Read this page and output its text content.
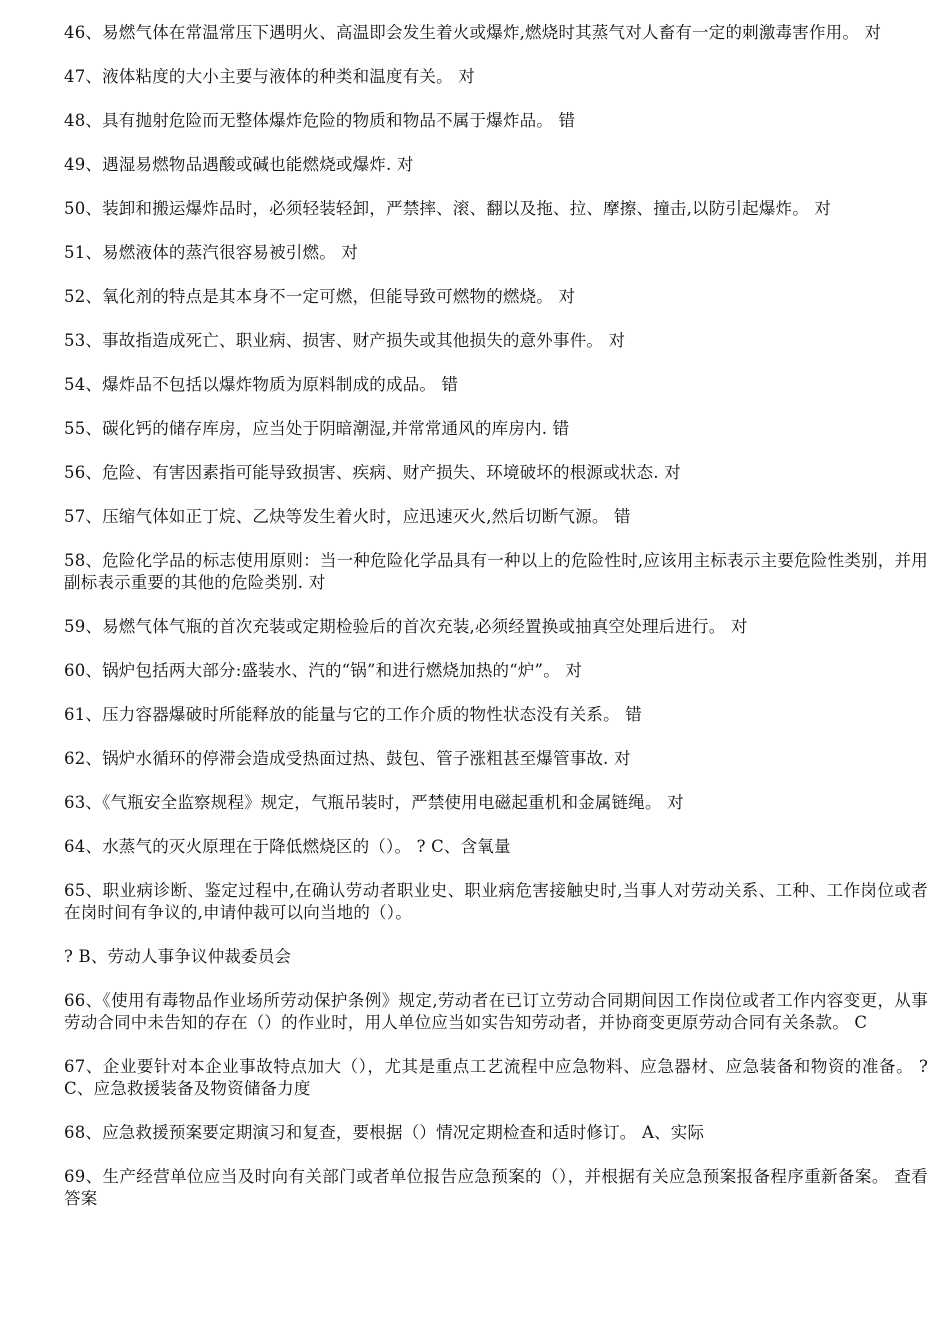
46、易燃气体在常温常压下遇明火、高温即会发生着火或爆炸,燃烧时其蒸气对人畜有一定的刺激毒害作用。 对

47、液体粘度的大小主要与液体的种类和温度有关。 对

48、具有抛射危险而无整体爆炸危险的物质和物品不属于爆炸品。 错

49、遇湿易燃物品遇酸或碱也能燃烧或爆炸. 对

50、装卸和搬运爆炸品时，必须轻装轻卸，严禁摔、滚、翻以及拖、拉、摩擦、撞击,以防引起爆炸。 对

51、易燃液体的蒸汽很容易被引燃。 对

52、氧化剂的特点是其本身不一定可燃，但能导致可燃物的燃烧。 对

53、事故指造成死亡、职业病、损害、财产损失或其他损失的意外事件。 对

54、爆炸品不包括以爆炸物质为原料制成的成品。 错

55、碳化钙的储存库房，应当处于阴暗潮湿,并常常通风的库房内. 错

56、危险、有害因素指可能导致损害、疾病、财产损失、环境破坏的根源或状态. 对

57、压缩气体如正丁烷、乙炔等发生着火时，应迅速灭火,然后切断气源。 错

58、危险化学品的标志使用原则：当一种危险化学品具有一种以上的危险性时,应该用主标表示主要危险性类别，并用副标表示重要的其他的危险类别. 对

59、易燃气体气瓶的首次充装或定期检验后的首次充装,必须经置换或抽真空处理后进行。 对

60、锅炉包括两大部分:盛装水、汽的“锅”和进行燃烧加热的“炉”。 对

61、压力容器爆破时所能释放的能量与它的工作介质的物性状态没有关系。 错

62、锅炉水循环的停滞会造成受热面过热、鼓包、管子涨粗甚至爆管事故. 对

63、《气瓶安全监察规程》规定，气瓶吊装时，严禁使用电磁起重机和金属链绳。 对

64、水蒸气的灭火原理在于降低燃烧区的（）。 ? C、含氧量

65、职业病诊断、鉴定过程中,在确认劳动者职业史、职业病危害接触史时,当事人对劳动关系、工种、工作岗位或者在岗时间有争议的,申请仲裁可以向当地的（）。

? B、劳动人事争议仲裁委员会

66、《使用有毒物品作业场所劳动保护条例》规定,劳动者在已订立劳动合同期间因工作岗位或者工作内容变更，从事劳动合同中未告知的存在（）的作业时，用人单位应当如实告知劳动者，并协商变更原劳动合同有关条款。 C

67、企业要针对本企业事故特点加大（），尤其是重点工艺流程中应急物料、应急器材、应急装备和物资的准备。 ? C、应急救援装备及物资储备力度

68、应急救援预案要定期演习和复查，要根据（）情况定期检查和适时修订。 A、实际

69、生产经营单位应当及时向有关部门或者单位报告应急预案的（），并根据有关应急预案报备程序重新备案。 查看答案
